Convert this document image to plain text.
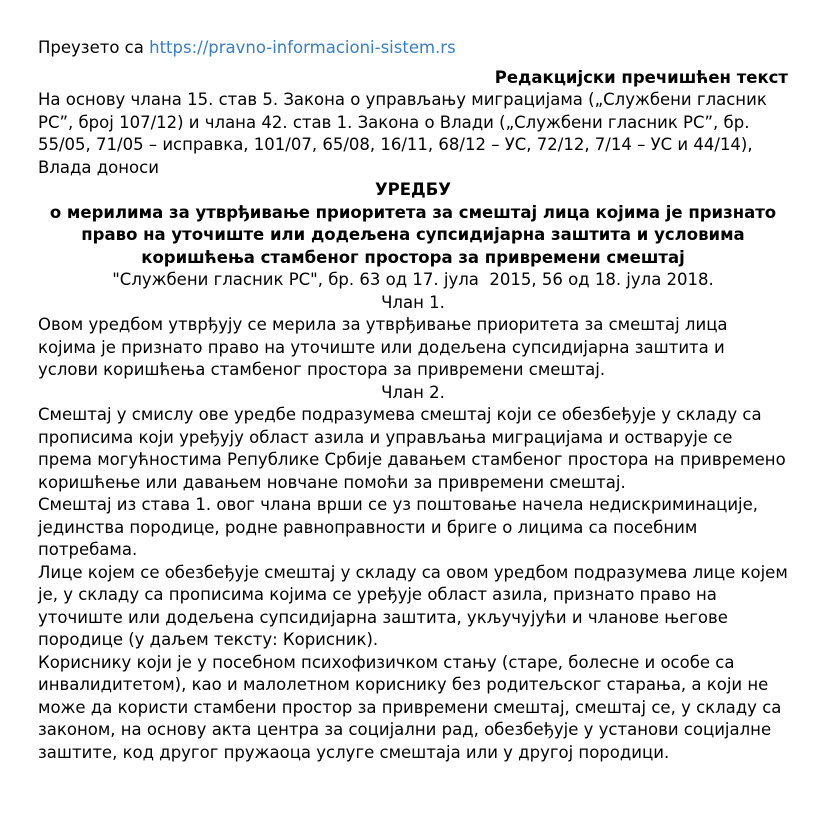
Преузето са https://pravno-informacioni-sistem.rs
Редакцијски пречишћен текст

На основу члана 15. став 5. Закона о управљању миграцијама („Службени гласник РС”, број 107/12) и члана 42. став 1. Закона о Влади („Службени гласник РС”, бр. 55/05, 71/05 – исправка, 101/07, 65/08, 16/11, 68/12 – УС, 72/12, 7/14 – УС и 44/14),

Влада доноси

УРЕДБУ
о мерилима за утврђивање приоритета за смештај лица којима је признато право на уточиште или додељена супсидијарна заштита и условима коришћења стамбеног простора за привремени смештај
"Службени гласник РС", бр. 63 од 17. јула  2015, 56 од 18. јула 2018.
Члан 1.

Овом уредбом утврђују се мерила за утврђивање приоритета за смештај лица којима је признато право на уточиште или додељена супсидијарна заштита и услови коришћења стамбеног простора за привремени смештај.

Члан 2.

Смештај у смислу ове уредбе подразумева смештај који се обезбеђује у складу са прописима који уређују област азила и управљања миграцијама и остварује се према могућностима Републике Србије давањем стамбеног простора на привремено коришћење или давањем новчане помоћи за привремени смештај.

Смештај из става 1. овог члана врши се уз поштовање начела недискриминације, јединства породице, родне равноправности и бриге о лицима са посебним потребама.

Лице којем се обезбеђује смештај у складу са овом уредбом подразумева лице којем је, у складу са прописима којима се уређује област азила, признато право на уточиште или додељена супсидијарна заштита, укључујући и чланове његове породице (у даљем тексту: Корисник).

Кориснику који је у посебном психофизичком стању (старе, болесне и особе са инвалидитетом), као и малолетном кориснику без родитељског старања, а који не може да користи стамбени простор за привремени смештај, смештај се, у складу са законом, на основу акта центра за социјални рад, обезбеђује у установи социјалне заштите, код другог пружаоца услуге смештаја или у другој породици.
